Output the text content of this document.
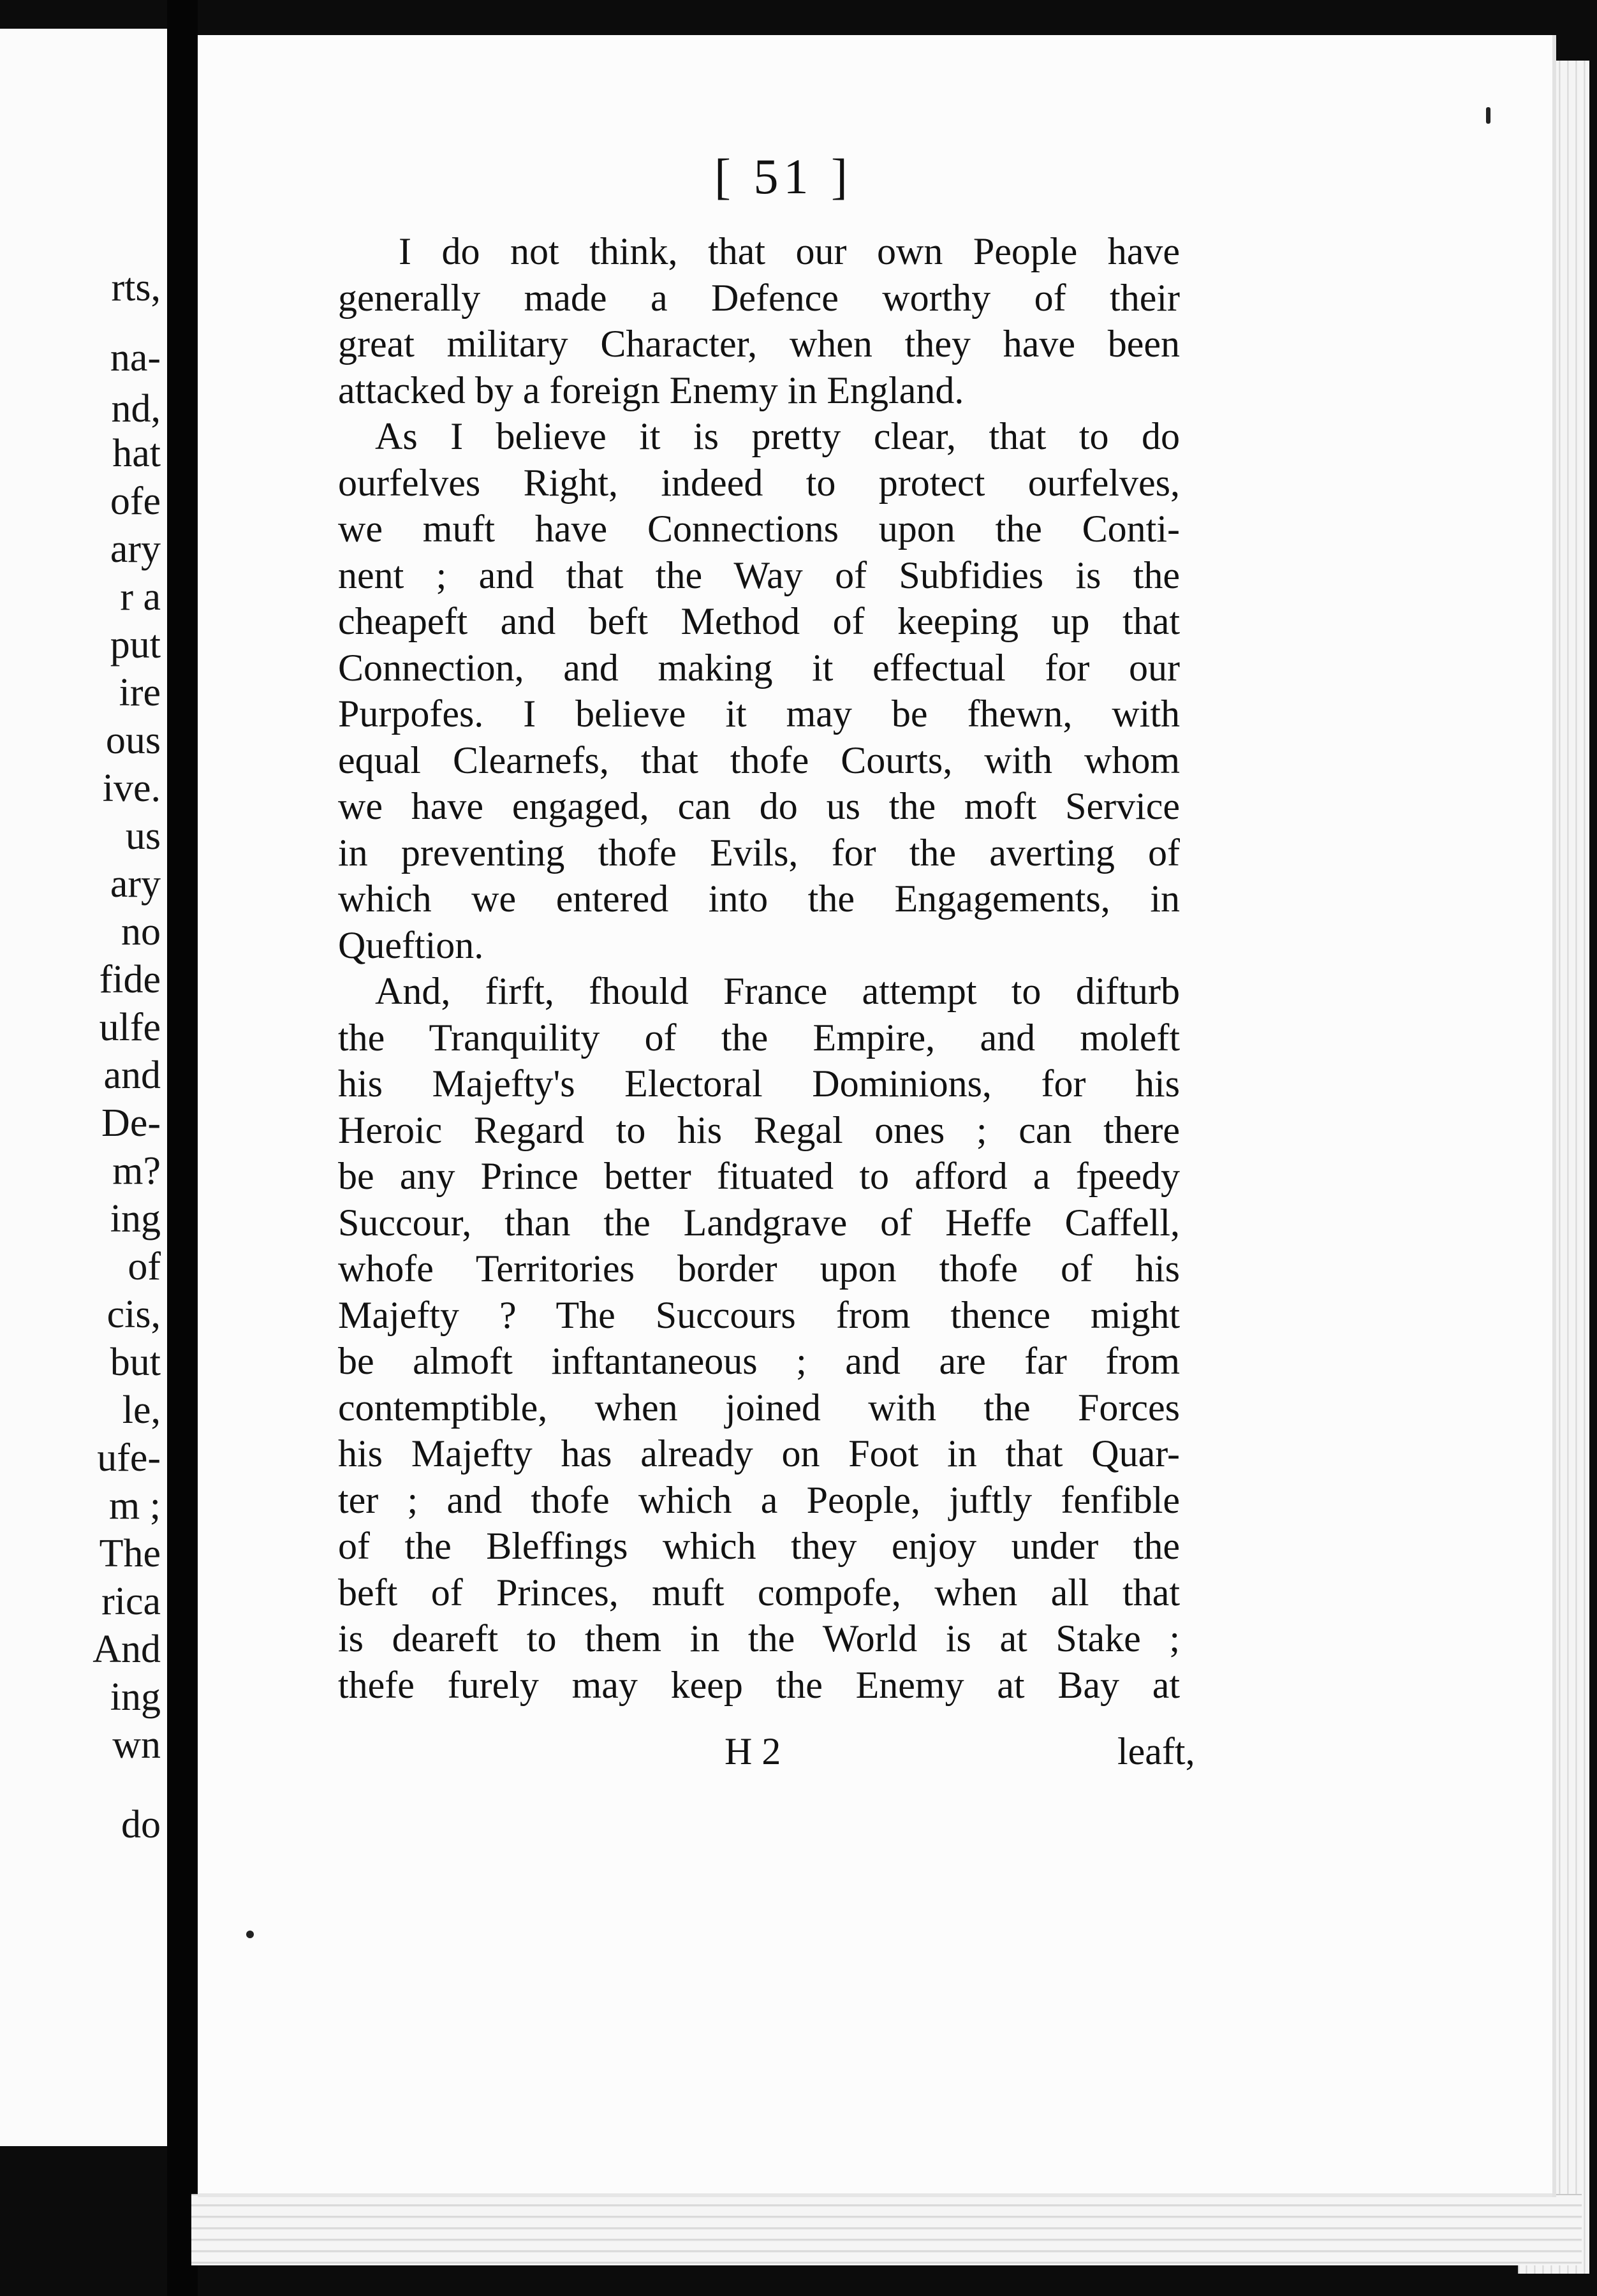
rts,
na-
nd,
hat
ofe
ary
r a
put
ire
ous
ive.
us
ary
no
fide
ulfe
and
De-
m?
ing
of
cis,
but
le,
ufe-
m ;
The
rica
And
ing
wn
do
[ 51 ]
I do not think, that our own People have
generally made a Defence worthy of their
great military Character, when they have been
attacked by a foreign Enemy in England.
As I believe it is pretty clear, that to do
ourfelves Right, indeed to protect ourfelves,
we muft have Connections upon the Conti-
nent ; and that the Way of Subfidies is the
cheapeft and beft Method of keeping up that
Connection, and making it effectual for our
Purpofes. I believe it may be fhewn, with
equal Clearnefs, that thofe Courts, with whom
we have engaged, can do us the moft Service
in preventing thofe Evils, for the averting of
which we entered into the Engagements, in
Queftion.
And, firft, fhould France attempt to difturb
the Tranquility of the Empire, and moleft
his Majefty's Electoral Dominions, for his
Heroic Regard to his Regal ones ; can there
be any Prince better fituated to afford a fpeedy
Succour, than the Landgrave of Heffe Caffell,
whofe Territories border upon thofe of his
Majefty ? The Succours from thence might
be almoft inftantaneous ; and are far from
contemptible, when joined with the Forces
his Majefty has already on Foot in that Quar-
ter ; and thofe which a People, juftly fenfible
of the Bleffings which they enjoy under the
beft of Princes, muft compofe, when all that
is deareft to them in the World is at Stake ;
thefe furely may keep the Enemy at Bay at
H 2	leaft,
